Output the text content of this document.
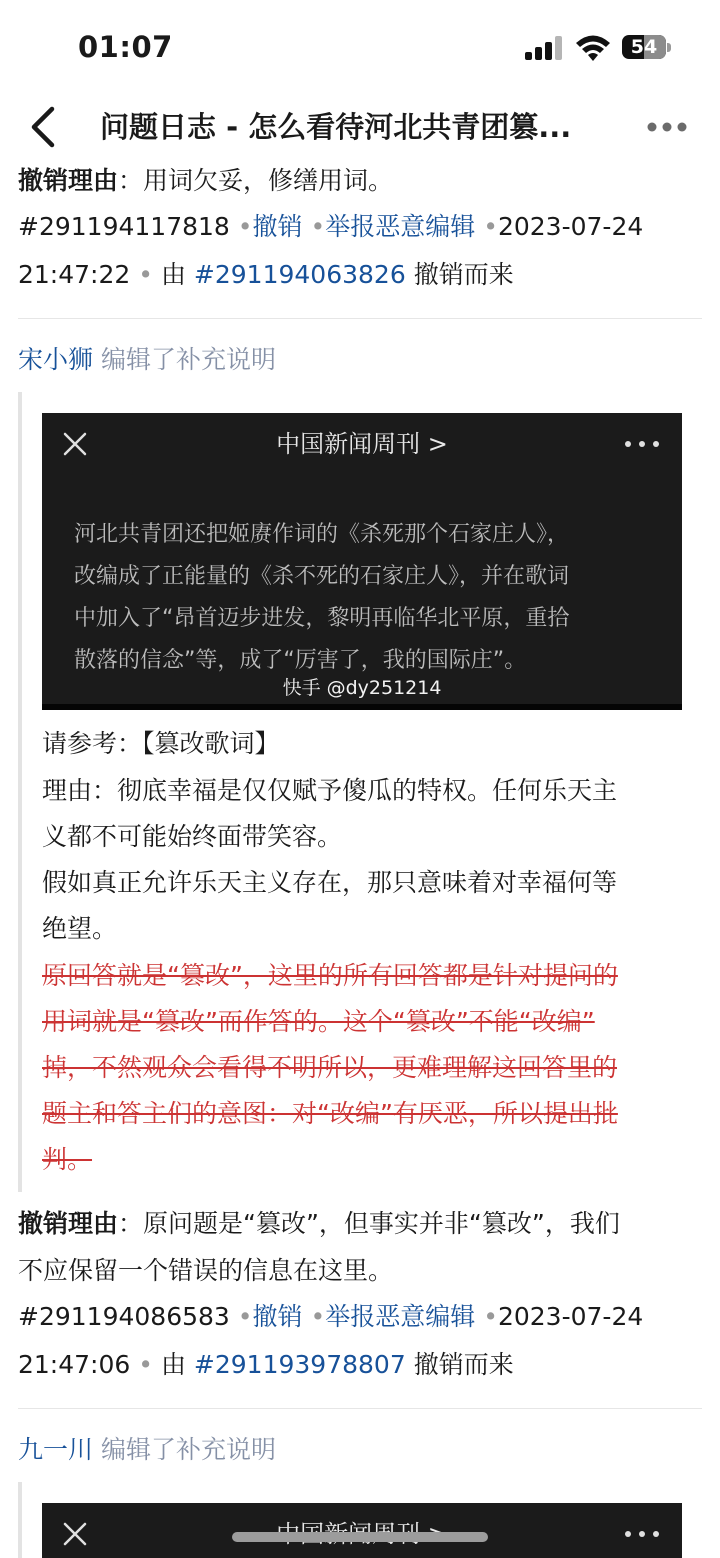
01:07	54
问题日志 - 怎么看待河北共青团篡...
撤销理由：用词欠妥，修缮用词。
#291194117818 •撤销 •举报恶意编辑 •2023-07-24
21:47:22 • 由 #291194063826 撤销而来
宋小狮 编辑了补充说明
中国新闻周刊 >
河北共青团还把姬赓作词的《杀死那个石家庄人》，
改编成了正能量的《杀不死的石家庄人》，并在歌词
中加入了“昂首迈步进发，黎明再临华北平原，重拾
散落的信念”等，成了“厉害了，我的国际庄”。
快手 @dy251214
请参考：【篡改歌词】
理由：彻底幸福是仅仅赋予傻瓜的特权。任何乐天主
义都不可能始终面带笑容。
假如真正允许乐天主义存在，那只意味着对幸福何等
绝望。
原回答就是“篡改”，这里的所有回答都是针对提问的
用词就是“篡改”而作答的。这个“篡改”不能“改编”
掉，不然观众会看得不明所以，更难理解这回答里的
题主和答主们的意图：对“改编”有厌恶，所以提出批
判。
撤销理由：原问题是“篡改”，但事实并非“篡改”，我们
不应保留一个错误的信息在这里。
#291194086583 •撤销 •举报恶意编辑 •2023-07-24
21:47:06 • 由 #291193978807 撤销而来
九一川 编辑了补充说明
